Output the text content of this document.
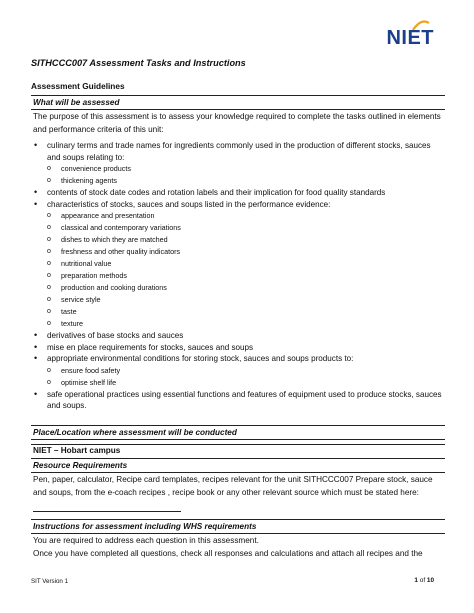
NIET
SITHCCC007 Assessment Tasks and Instructions
Assessment Guidelines
What will be assessed
The purpose of this assessment is to assess your knowledge required to complete the tasks outlined in elements and performance criteria of this unit:
• culinary terms and trade names for ingredients commonly used in the production of different stocks, sauces and soups relating to:
o convenience products
o thickening agents
• contents of stock date codes and rotation labels and their implication for food quality standards
• characteristics of stocks, sauces and soups listed in the performance evidence:
o appearance and presentation
o classical and contemporary variations
o dishes to which they are matched
o freshness and other quality indicators
o nutritional value
o preparation methods
o production and cooking durations
o service style
o taste
o texture
• derivatives of base stocks and sauces
• mise en place requirements for stocks, sauces and soups
• appropriate environmental conditions for storing stock, sauces and soups products to:
o ensure food safety
o optimise shelf life
• safe operational practices using essential functions and features of equipment used to produce stocks, sauces and soups.
Place/Location where assessment will be conducted
NIET – Hobart campus
Resource Requirements
Pen, paper, calculator, Recipe card templates, recipes relevant for the unit SITHCCC007 Prepare stock, sauce and soups, from the e-coach recipes , recipe book or any other relevant source which must be stated here:
Instructions for assessment including WHS requirements
You are required to address each question in this assessment.
Once you have completed all questions, check all responses and calculations and attach all recipes and the
SIT Version 1	1 of 10
